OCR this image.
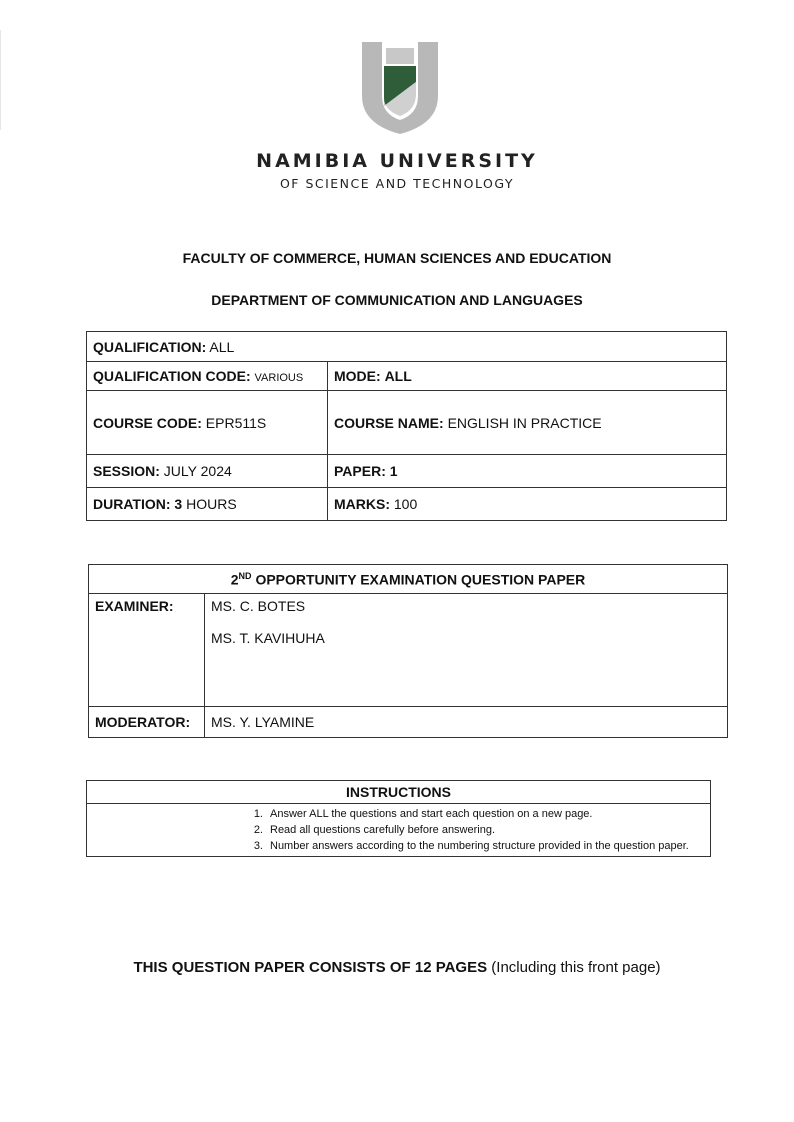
NAMIBIA UNIVERSITY
OF SCIENCE AND TECHNOLOGY
FACULTY OF COMMERCE, HUMAN SCIENCES AND EDUCATION
DEPARTMENT OF COMMUNICATION AND LANGUAGES
QUALIFICATION: ALL	
QUALIFICATION CODE: VARIOUS	MODE: ALL
COURSE CODE: EPR511S	COURSE NAME: ENGLISH IN PRACTICE
SESSION: JULY 2024	PAPER: 1
DURATION: 3 HOURS	MARKS: 100
2ND OPPORTUNITY EXAMINATION QUESTION PAPER	
EXAMINER:	MS. C. BOTES
MS. T. KAVIHUHA

MODERATOR:	MS. Y. LYAMINE
INSTRUCTIONS

1. Answer ALL the questions and start each question on a new page.
2. Read all questions carefully before answering.
3. Number answers according to the numbering structure provided in the question paper.
THIS QUESTION PAPER CONSISTS OF 12 PAGES (Including this front page)
